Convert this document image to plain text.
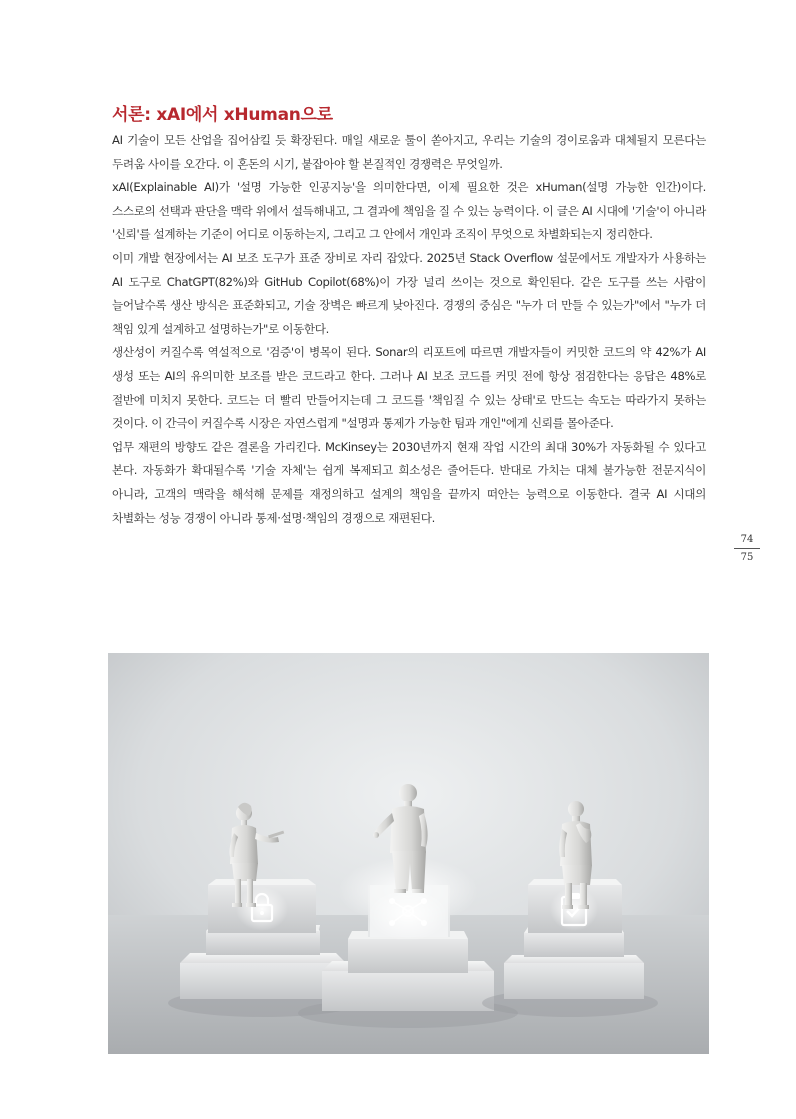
서론: xAI에서 xHuman으로

AI 기술이 모든 산업을 집어삼킬 듯 확장된다. 매일 새로운 툴이 쏟아지고, 우리는 기술의 경이로움과 대체될지 모른다는 두려움 사이를 오간다. 이 혼돈의 시기, 붙잡아야 할 본질적인 경쟁력은 무엇일까.

xAI(Explainable AI)가 '설명 가능한 인공지능'을 의미한다면, 이제 필요한 것은 xHuman(설명 가능한 인간)이다. 스스로의 선택과 판단을 맥락 위에서 설득해내고, 그 결과에 책임을 질 수 있는 능력이다. 이 글은 AI 시대에 '기술'이 아니라 '신뢰'를 설계하는 기준이 어디로 이동하는지, 그리고 그 안에서 개인과 조직이 무엇으로 차별화되는지 정리한다.

이미 개발 현장에서는 AI 보조 도구가 표준 장비로 자리 잡았다. 2025년 Stack Overflow 설문에서도 개발자가 사용하는 AI 도구로 ChatGPT(82%)와 GitHub Copilot(68%)이 가장 널리 쓰이는 것으로 확인된다. 같은 도구를 쓰는 사람이 늘어날수록 생산 방식은 표준화되고, 기술 장벽은 빠르게 낮아진다. 경쟁의 중심은 "누가 더 만들 수 있는가"에서 "누가 더 책임 있게 설계하고 설명하는가"로 이동한다.

생산성이 커질수록 역설적으로 '검증'이 병목이 된다. Sonar의 리포트에 따르면 개발자들이 커밋한 코드의 약 42%가 AI 생성 또는 AI의 유의미한 보조를 받은 코드라고 한다. 그러나 AI 보조 코드를 커밋 전에 항상 점검한다는 응답은 48%로 절반에 미치지 못한다. 코드는 더 빨리 만들어지는데 그 코드를 '책임질 수 있는 상태'로 만드는 속도는 따라가지 못하는 것이다. 이 간극이 커질수록 시장은 자연스럽게 "설명과 통제가 가능한 팀과 개인"에게 신뢰를 몰아준다.

업무 재편의 방향도 같은 결론을 가리킨다. McKinsey는 2030년까지 현재 작업 시간의 최대 30%가 자동화될 수 있다고 본다. 자동화가 확대될수록 '기술 자체'는 쉽게 복제되고 희소성은 줄어든다. 반대로 가치는 대체 불가능한 전문지식이 아니라, 고객의 맥락을 해석해 문제를 재정의하고 설계의 책임을 끝까지 떠안는 능력으로 이동한다. 결국 AI 시대의 차별화는 성능 경쟁이 아니라 통제·설명·책임의 경쟁으로 재편된다.

74
75
